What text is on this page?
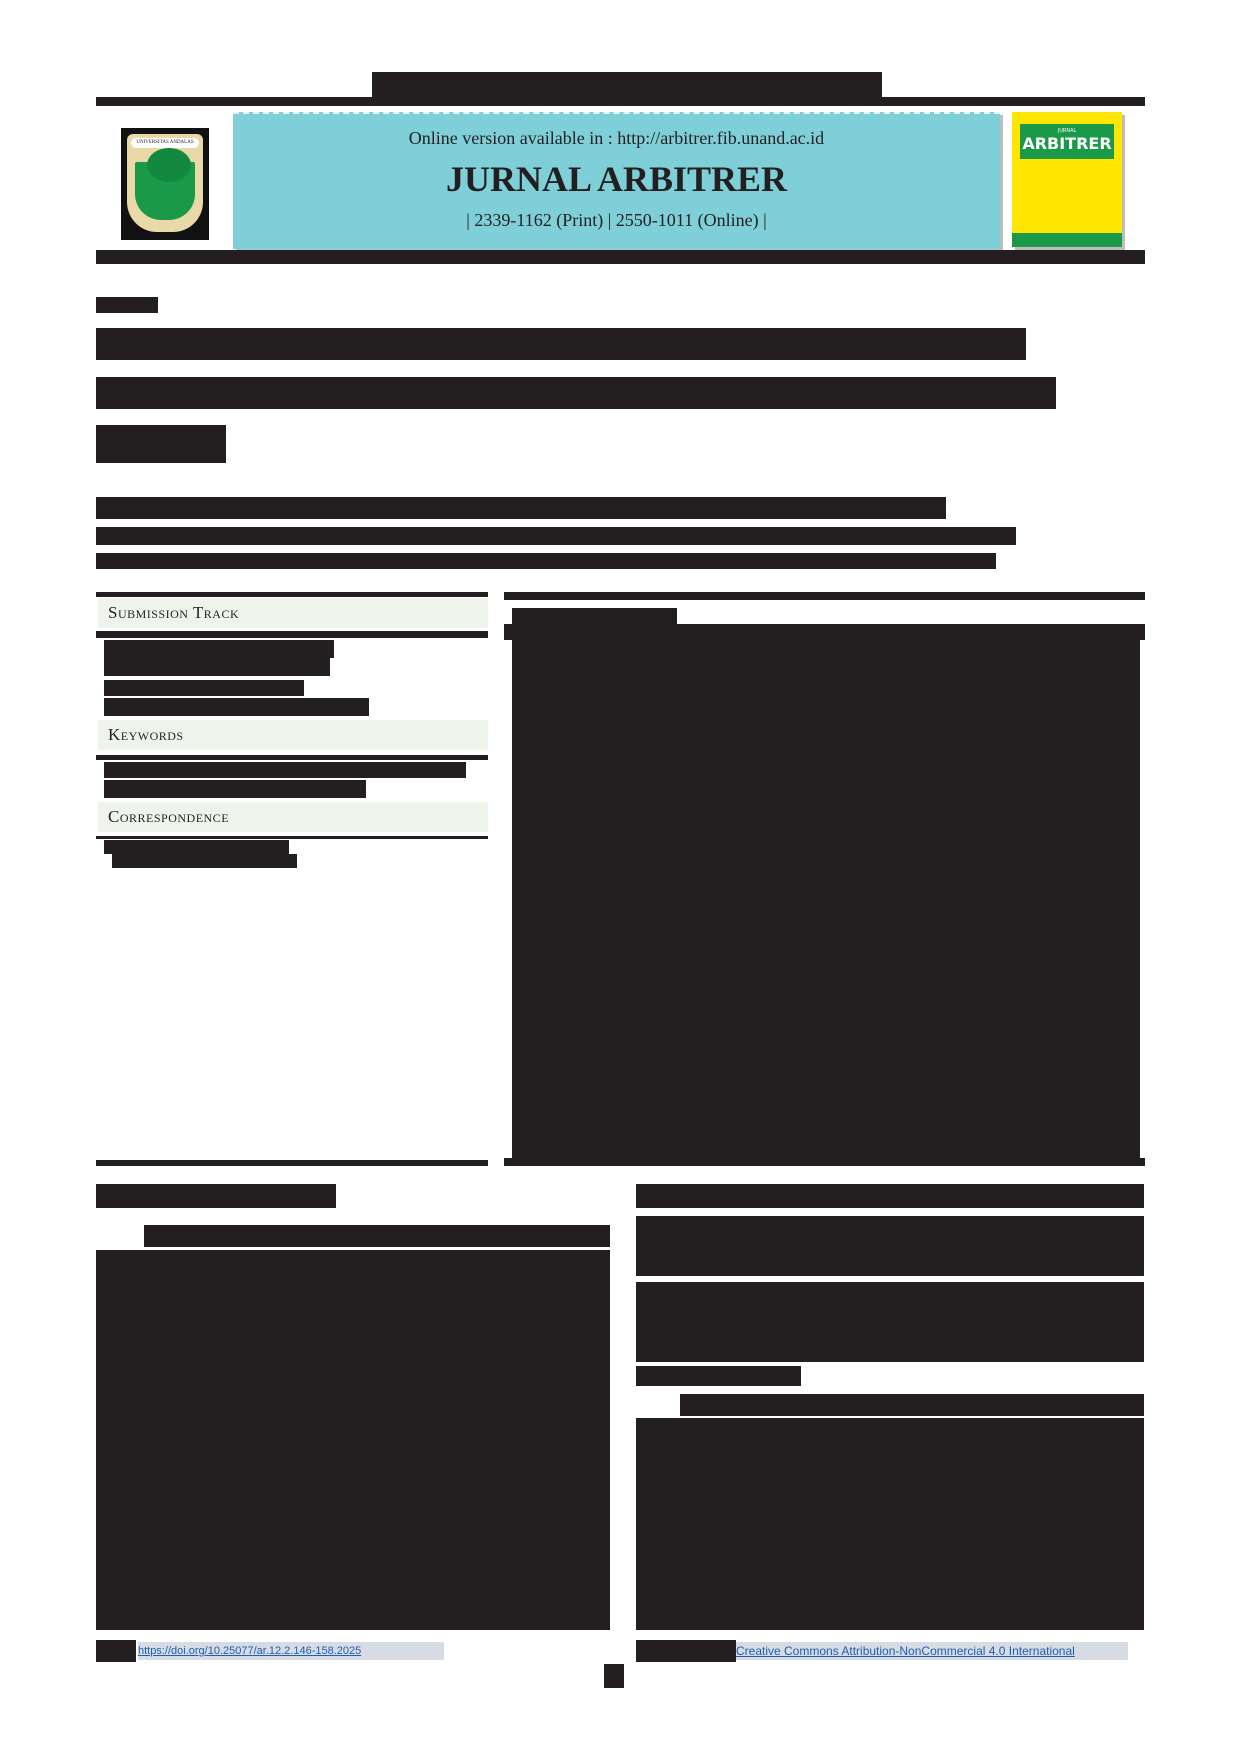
UNIVERSITAS ANDALAS	Online version available in : http://arbitrer.fib.unand.ac.id
JURNAL ARBITRER
| 2339-1162 (Print) | 2550-1011 (Online) |
JURNAL
ARBITRER
Submission Track
Keywords
Correspondence
https://doi.org/10.25077/ar.12.2.146-158.2025	Creative Commons Attribution-NonCommercial 4.0 International
